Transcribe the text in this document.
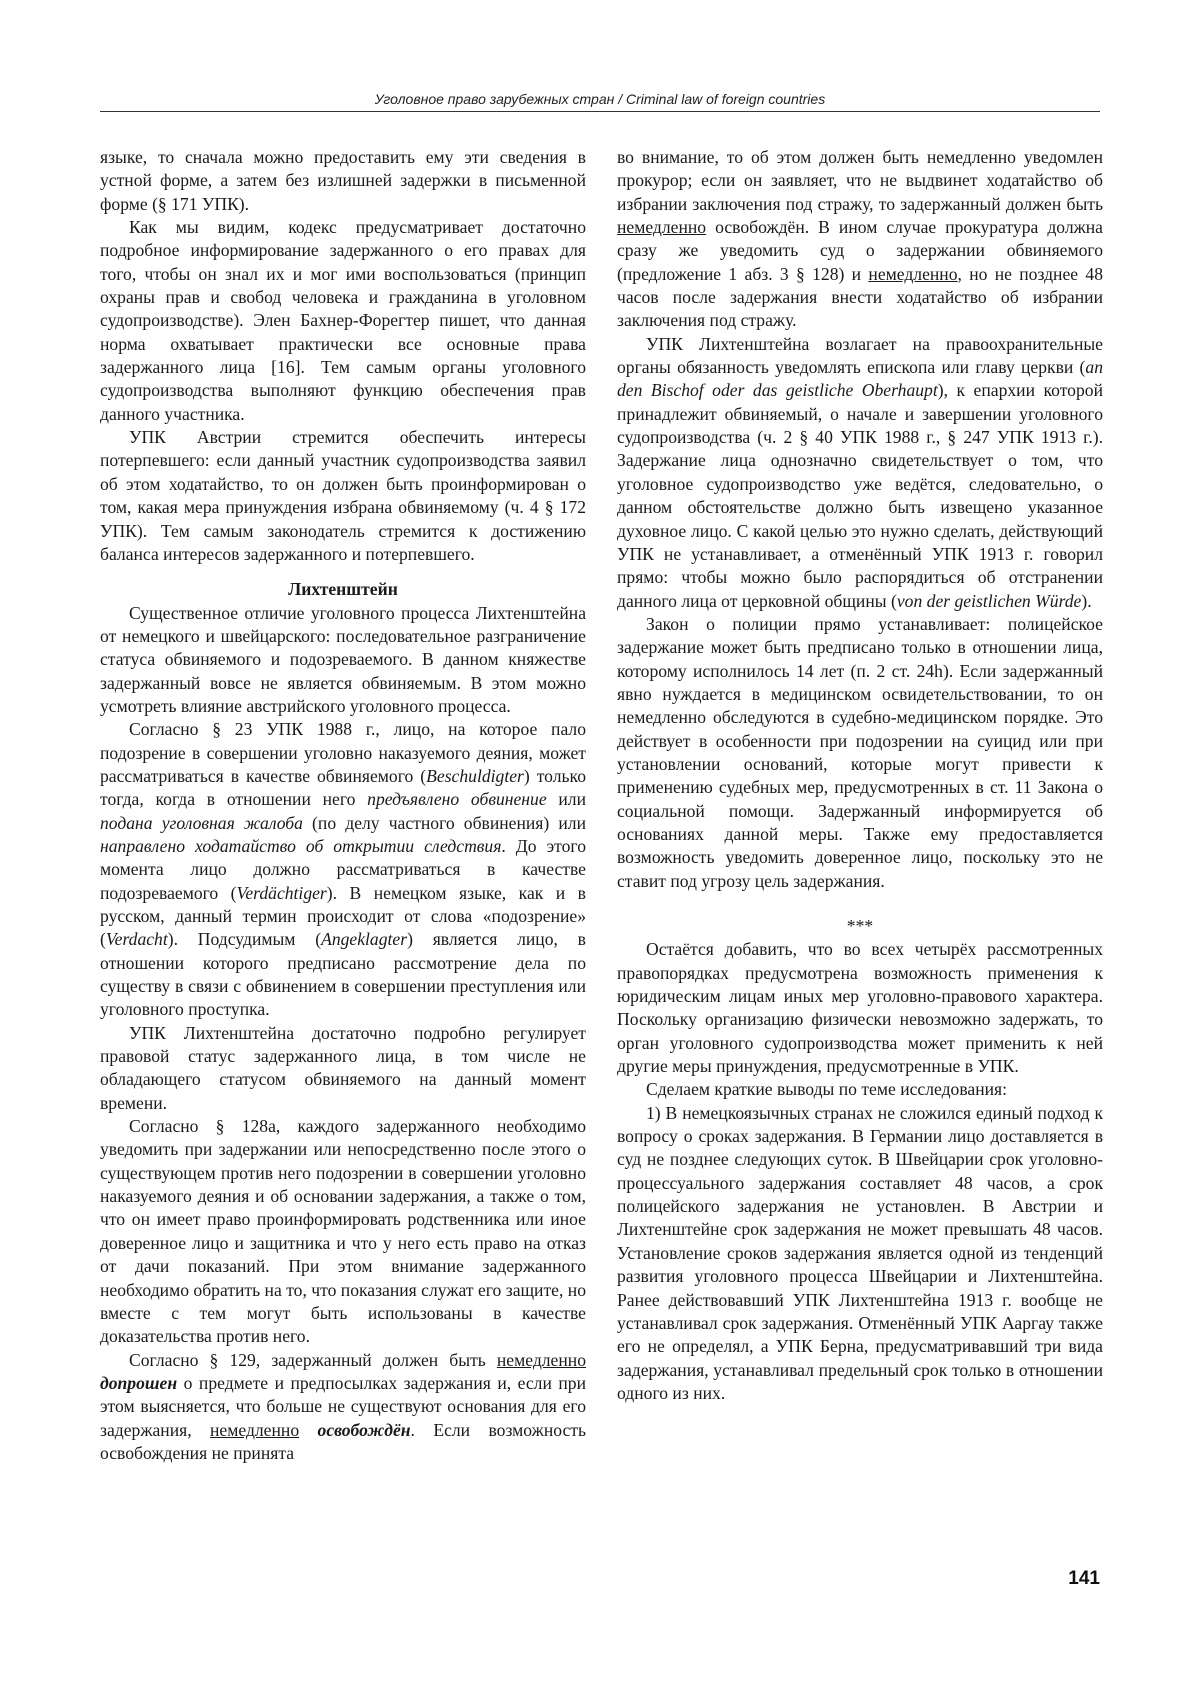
Уголовное право зарубежных стран / Criminal law of foreign countries

языке, то сначала можно предоставить ему эти сведения в устной форме, а затем без излишней задержки в письменной форме (§ 171 УПК).

Как мы видим, кодекс предусматривает достаточно подробное информирование задержанного о его правах для того, чтобы он знал их и мог ими воспользоваться (принцип охраны прав и свобод человека и гражданина в уголовном судопроизводстве). Элен Бахнер-Форегтер пишет, что данная норма охватывает практически все основные права задержанного лица [16]. Тем самым органы уголовного судопроизводства выполняют функцию обеспечения прав данного участника.

УПК Австрии стремится обеспечить интересы потерпевшего: если данный участник судопроизводства заявил об этом ходатайство, то он должен быть проинформирован о том, какая мера принуждения избрана обвиняемому (ч. 4 § 172 УПК). Тем самым законодатель стремится к достижению баланса интересов задержанного и потерпевшего.

Лихтенштейн

Существенное отличие уголовного процесса Лихтенштейна от немецкого и швейцарского: последовательное разграничение статуса обвиняемого и подозреваемого. В данном княжестве задержанный вовсе не является обвиняемым. В этом можно усмотреть влияние австрийского уголовного процесса.

Согласно § 23 УПК 1988 г., лицо, на которое пало подозрение в совершении уголовно наказуемого деяния, может рассматриваться в качестве обвиняемого (Beschuldigter) только тогда, когда в отношении него предъявлено обвинение или подана уголовная жалоба (по делу частного обвинения) или направлено ходатайство об открытии следствия. До этого момента лицо должно рассматриваться в качестве подозреваемого (Verdächtiger). В немецком языке, как и в русском, данный термин происходит от слова «подозрение» (Verdacht). Подсудимым (Angeklagter) является лицо, в отношении которого предписано рассмотрение дела по существу в связи с обвинением в совершении преступления или уголовного проступка.

УПК Лихтенштейна достаточно подробно регулирует правовой статус задержанного лица, в том числе не обладающего статусом обвиняемого на данный момент времени.

Согласно § 128a, каждого задержанного необходимо уведомить при задержании или непосредственно после этого о существующем против него подозрении в совершении уголовно наказуемого деяния и об основании задержания, а также о том, что он имеет право проинформировать родственника или иное доверенное лицо и защитника и что у него есть право на отказ от дачи показаний. При этом внимание задержанного необходимо обратить на то, что показания служат его защите, но вместе с тем могут быть использованы в качестве доказательства против него.

Согласно § 129, задержанный должен быть немедленно допрошен о предмете и предпосылках задержания и, если при этом выясняется, что больше не существуют основания для его задержания, немедленно освобождён. Если возможность освобождения не принята

во внимание, то об этом должен быть немедленно уведомлен прокурор; если он заявляет, что не выдвинет ходатайство об избрании заключения под стражу, то задержанный должен быть немедленно освобождён. В ином случае прокуратура должна сразу же уведомить суд о задержании обвиняемого (предложение 1 абз. 3 § 128) и немедленно, но не позднее 48 часов после задержания внести ходатайство об избрании заключения под стражу.

УПК Лихтенштейна возлагает на правоохранительные органы обязанность уведомлять епископа или главу церкви (an den Bischof oder das geistliche Oberhaupt), к епархии которой принадлежит обвиняемый, о начале и завершении уголовного судопроизводства (ч. 2 § 40 УПК 1988 г., § 247 УПК 1913 г.). Задержание лица однозначно свидетельствует о том, что уголовное судопроизводство уже ведётся, следовательно, о данном обстоятельстве должно быть извещено указанное духовное лицо. С какой целью это нужно сделать, действующий УПК не устанавливает, а отменённый УПК 1913 г. говорил прямо: чтобы можно было распорядиться об отстранении данного лица от церковной общины (von der geistlichen Würde).

Закон о полиции прямо устанавливает: полицейское задержание может быть предписано только в отношении лица, которому исполнилось 14 лет (п. 2 ст. 24h). Если задержанный явно нуждается в медицинском освидетельствовании, то он немедленно обследуются в судебно-медицинском порядке. Это действует в особенности при подозрении на суицид или при установлении оснований, которые могут привести к применению судебных мер, предусмотренных в ст. 11 Закона о социальной помощи. Задержанный информируется об основаниях данной меры. Также ему предоставляется возможность уведомить доверенное лицо, поскольку это не ставит под угрозу цель задержания.

***

Остаётся добавить, что во всех четырёх рассмотренных правопорядках предусмотрена возможность применения к юридическим лицам иных мер уголовно-правового характера. Поскольку организацию физически невозможно задержать, то орган уголовного судопроизводства может применить к ней другие меры принуждения, предусмотренные в УПК.

Сделаем краткие выводы по теме исследования:

1) В немецкоязычных странах не сложился единый подход к вопросу о сроках задержания. В Германии лицо доставляется в суд не позднее следующих суток. В Швейцарии срок уголовно-процессуального задержания составляет 48 часов, а срок полицейского задержания не установлен. В Австрии и Лихтенштейне срок задержания не может превышать 48 часов. Установление сроков задержания является одной из тенденций развития уголовного процесса Швейцарии и Лихтенштейна. Ранее действовавший УПК Лихтенштейна 1913 г. вообще не устанавливал срок задержания. Отменённый УПК Ааргау также его не определял, а УПК Берна, предусматривавший три вида задержания, устанавливал предельный срок только в отношении одного из них.

141
